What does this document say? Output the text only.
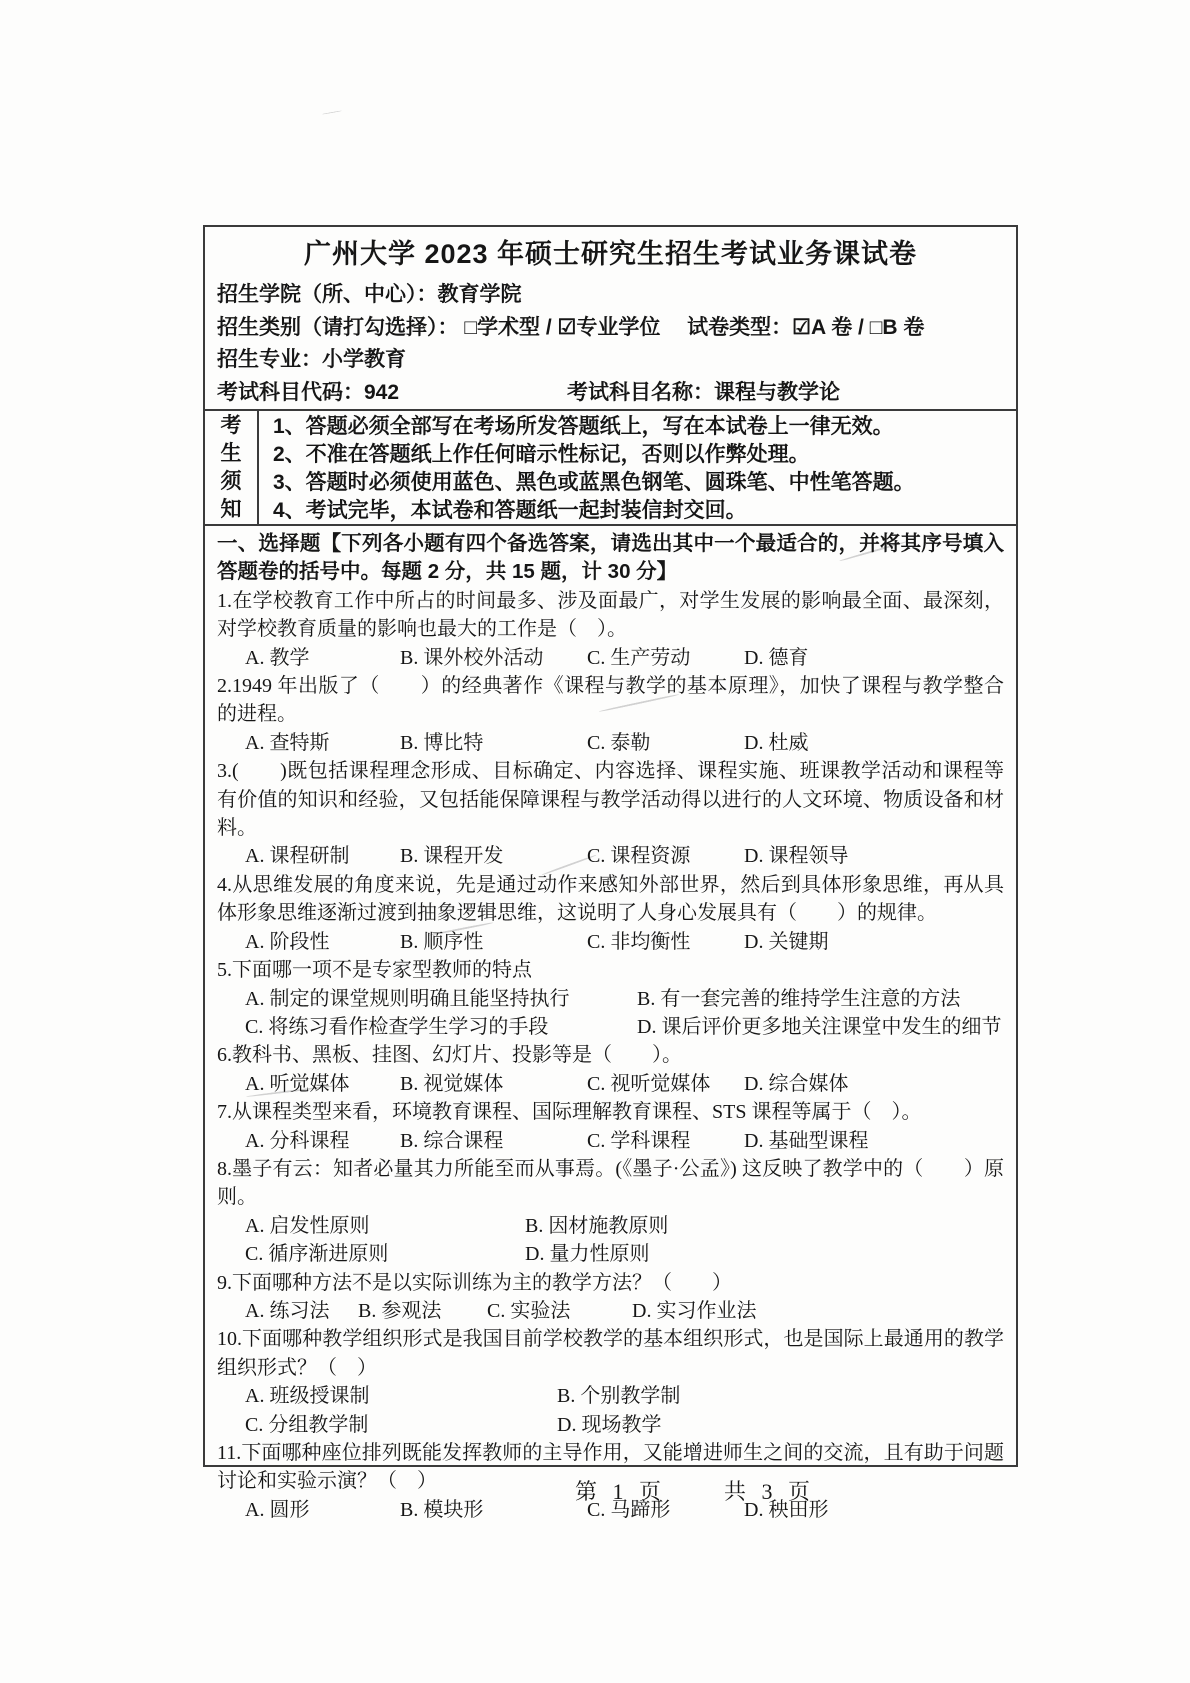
广州大学 2023 年硕士研究生招生考试业务课试卷
招生学院（所、中心）：教育学院
招生类别（请打勾选择）： □学术型 / ☑专业学位　 试卷类型：☑A 卷 / □B 卷
招生专业：小学教育
考试科目代码：942	考试科目名称：课程与教学论
考
生
须
知
1、答题必须全部写在考场所发答题纸上，写在本试卷上一律无效。
2、不准在答题纸上作任何暗示性标记，否则以作弊处理。
3、答题时必须使用蓝色、黑色或蓝黑色钢笔、圆珠笔、中性笔答题。
4、考试完毕，本试卷和答题纸一起封装信封交回。
一、选择题【下列各小题有四个备选答案，请选出其中一个最适合的，并将其序号填入答题卷的括号中。每题 2 分，共 15 题，计 30 分】
1.在学校教育工作中所占的时间最多、涉及面最广，对学生发展的影响最全面、最深刻，对学校教育质量的影响也最大的工作是（　）。
A. 教学	B. 课外校外活动 C. 生产劳动	D. 德育
2.1949 年出版了（　　）的经典著作《课程与教学的基本原理》，加快了课程与教学整合的进程。
A. 查特斯	B. 博比特	C. 泰勒	D. 杜威
3.(　　)既包括课程理念形成、目标确定、内容选择、课程实施、班课教学活动和课程等有价值的知识和经验，又包括能保障课程与教学活动得以进行的人文环境、物质设备和材料。
A. 课程研制	B. 课程开发	C. 课程资源	D. 课程领导
4.从思维发展的角度来说，先是通过动作来感知外部世界，然后到具体形象思维，再从具体形象思维逐渐过渡到抽象逻辑思维，这说明了人身心发展具有（　　）的规律。
A. 阶段性	B. 顺序性	C. 非均衡性	D. 关键期
5.下面哪一项不是专家型教师的特点
A. 制定的课堂规则明确且能坚持执行	B. 有一套完善的维持学生注意的方法
C. 将练习看作检查学生学习的手段	D. 课后评价更多地关注课堂中发生的细节
6.教科书、黑板、挂图、幻灯片、投影等是（　　）。
A. 听觉媒体	B. 视觉媒体	C. 视听觉媒体 D. 综合媒体
7.从课程类型来看，环境教育课程、国际理解教育课程、STS 课程等属于（　）。
A. 分科课程	B. 综合课程	C. 学科课程	D. 基础型课程
8.墨子有云：知者必量其力所能至而从事焉。(《墨子·公孟》) 这反映了教学中的（　　）原则。
A. 启发性原则	B. 因材施教原则
C. 循序渐进原则	D. 量力性原则
9.下面哪种方法不是以实际训练为主的教学方法？（　　）
A. 练习法 B. 参观法 C. 实验法	D. 实习作业法
10.下面哪种教学组织形式是我国目前学校教学的基本组织形式，也是国际上最通用的教学组织形式？（　）
A. 班级授课制	B. 个别教学制
C. 分组教学制	D. 现场教学
11.下面哪种座位排列既能发挥教师的主导作用，又能增进师生之间的交流，且有助于问题讨论和实验示演？（　）
A. 圆形	B. 模块形	C. 马蹄形	D. 秧田形
第 1 页	共 3 页
